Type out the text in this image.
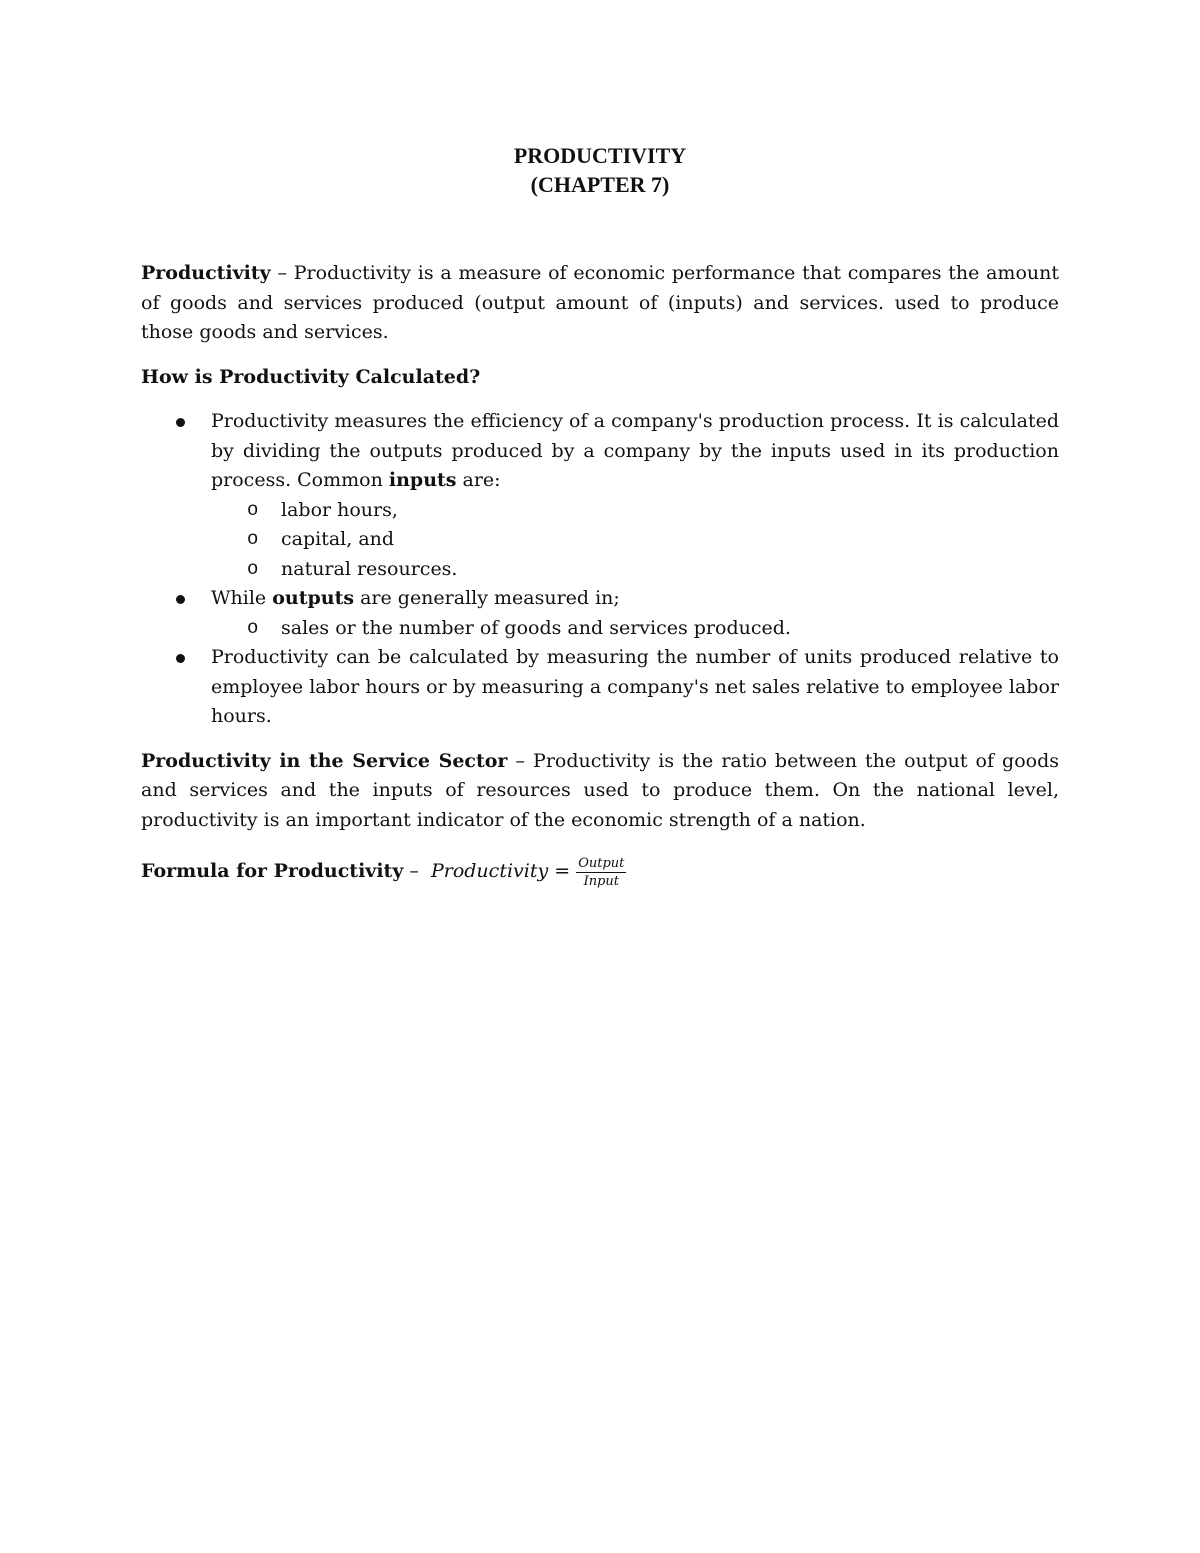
PRODUCTIVITY
(CHAPTER 7)

Productivity – Productivity is a measure of economic performance that compares the amount of goods and services produced (output amount of (inputs) and services. used to produce those goods and services.

How is Productivity Calculated?

Productivity measures the efficiency of a company's production process. It is calculated by dividing the outputs produced by a company by the inputs used in its production process. Common inputs are:
o labor hours,
o capital, and
o natural resources.
While outputs are generally measured in;
o sales or the number of goods and services produced.
Productivity can be calculated by measuring the number of units produced relative to employee labor hours or by measuring a company's net sales relative to employee labor hours.

Productivity in the Service Sector – Productivity is the ratio between the output of goods and services and the inputs of resources used to produce them. On the national level, productivity is an important indicator of the economic strength of a nation.

Formula for Productivity – Productivity = $\frac{\text{Output}}{\text{Input}}$
